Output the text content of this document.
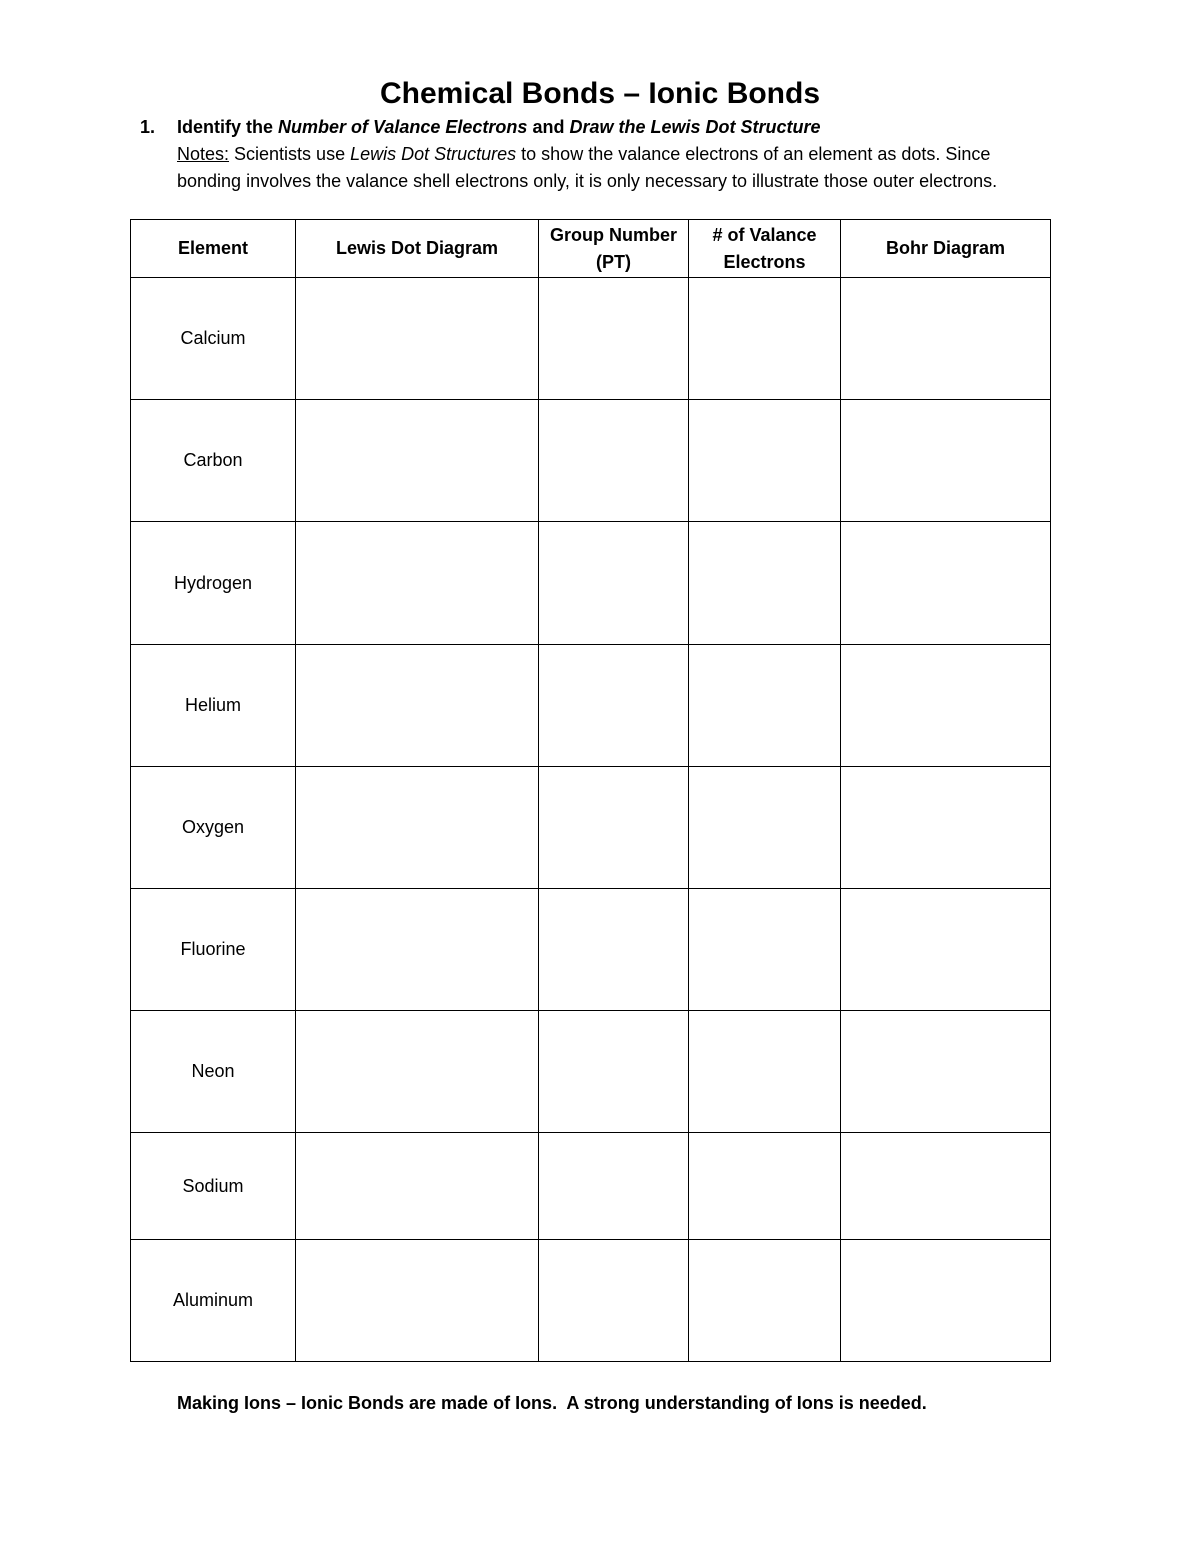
Chemical Bonds – Ionic Bonds
1. Identify the Number of Valance Electrons and Draw the Lewis Dot Structure
Notes: Scientists use Lewis Dot Structures to show the valance electrons of an element as dots. Since bonding involves the valance shell electrons only, it is only necessary to illustrate those outer electrons.
Element	Lewis Dot Diagram	Group Number (PT)	# of Valance Electrons	Bohr Diagram
Calcium				
Carbon				
Hydrogen				
Helium				
Oxygen				
Fluorine				
Neon				
Sodium				
Aluminum				
Making Ions – Ionic Bonds are made of Ions.  A strong understanding of Ions is needed.
